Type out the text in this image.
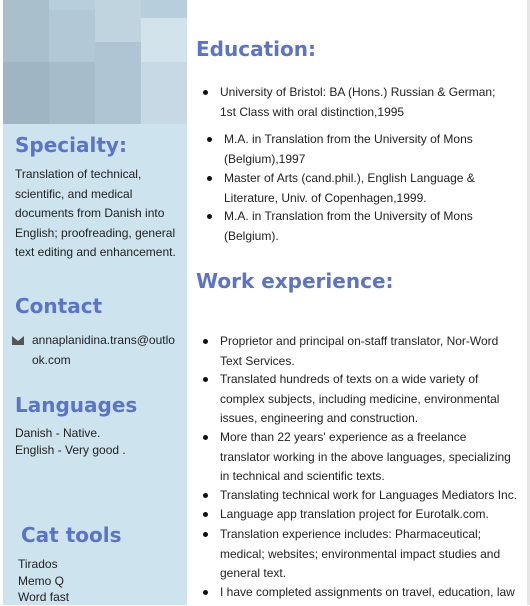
Specialty:
Translation of technical, scientific, and medical documents from Danish into English; proofreading, general text editing and enhancement.
Contact
annaplanidina.trans@outlook.com
Languages
Danish - Native.
English - Very good .
Cat tools
Tirados
Memo Q
Word fast
Education:
University of Bristol: BA (Hons.) Russian & German; 1st Class with oral distinction,1995
M.A. in Translation from the University of Mons (Belgium),1997
Master of Arts (cand.phil.), English Language & Literature, Univ. of Copenhagen,1999.
M.A. in Translation from the University of Mons (Belgium).
Work experience:
Proprietor and principal on-staff translator, Nor-Word Text Services.
Translated hundreds of texts on a wide variety of complex subjects, including medicine, environmental issues, engineering and construction.
More than 22 years' experience as a freelance translator working in the above languages, specializing in technical and scientific texts.
Translating technical work for Languages Mediators Inc.
Language app translation project for Eurotalk.com.
Translation experience includes: Pharmaceutical; medical; websites; environmental impact studies and general text.
I have completed assignments on travel, education, law
